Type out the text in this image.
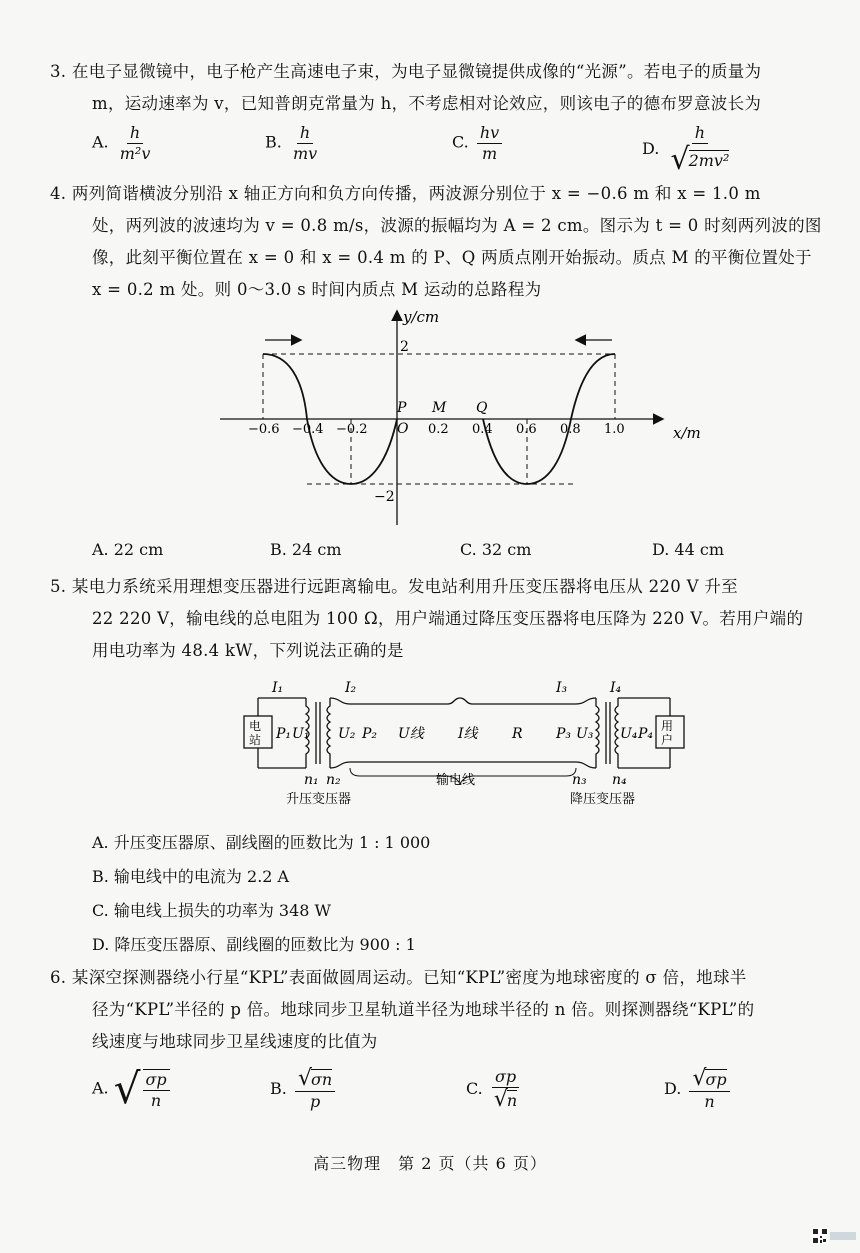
3. 在电子显微镜中，电子枪产生高速电子束，为电子显微镜提供成像的“光源”。若电子的质量为
m，运动速率为 v，已知普朗克常量为 h，不考虑相对论效应，则该电子的德布罗意波长为
A. $\frac{h}{\text{m²v}}$	B. $\frac{h}{mv}$	C. $\frac{hv}{m}$	D. $\frac{h}{\text{√ 2mv²}}$
4. 两列简谐横波分别沿 x 轴正方向和负方向传播，两波源分别位于 x = −0.6 m 和 x = 1.0 m
处，两列波的波速均为 v = 0.8 m/s，波源的振幅均为 A = 2 cm。图示为 t = 0 时刻两列波的图
像，此刻平衡位置在 x = 0 和 x = 0.4 m 的 P、Q 两质点刚开始振动。质点 M 的平衡位置处于
x = 0.2 m 处。则 0～3.0 s 时间内质点 M 运动的总路程为
y/cm
x/m
2
−2
−0.6 −0.4 −0.2 O 0.2 0.4 0.6 0.8 1.0
P M Q
A. 22 cm	B. 24 cm	C. 32 cm	D. 44 cm
5. 某电力系统采用理想变压器进行远距离输电。发电站利用升压变压器将电压从 220 V 升至
22 220 V，输电线的总电阻为 100 Ω，用户端通过降压变压器将电压降为 220 V。若用户端的
用电功率为 48.4 kW，下列说法正确的是
电
站
用
户
I₁	I₂	I₃	I₄
P₁ U₁ U₂ P₂ U线 I线 R P₃ U₃ U₄ P₄
n₁ n₂	n₃ n₄
输电线
升压变压器	降压变压器
A. 升压变压器原、副线圈的匝数比为 1 : 1 000
B. 输电线中的电流为 2.2 A
C. 输电线上损失的功率为 348 W
D. 降压变压器原、副线圈的匝数比为 900 : 1
6. 某深空探测器绕小行星“KPL”表面做圆周运动。已知“KPL”密度为地球密度的 σ 倍，地球半
径为“KPL”半径的 p 倍。地球同步卫星轨道半径为地球半径的 n 倍。则探测器绕“KPL”的
线速度与地球同步卫星线速度的比值为
A. √ $\frac{\sigma p}{n}$	B. $\frac{√ \sigma n}{p}$	C. $\frac{\sigma p}{√ n}$	D. $\frac{√ \sigma p}{n}$
高三物理　第 2 页（共 6 页）
